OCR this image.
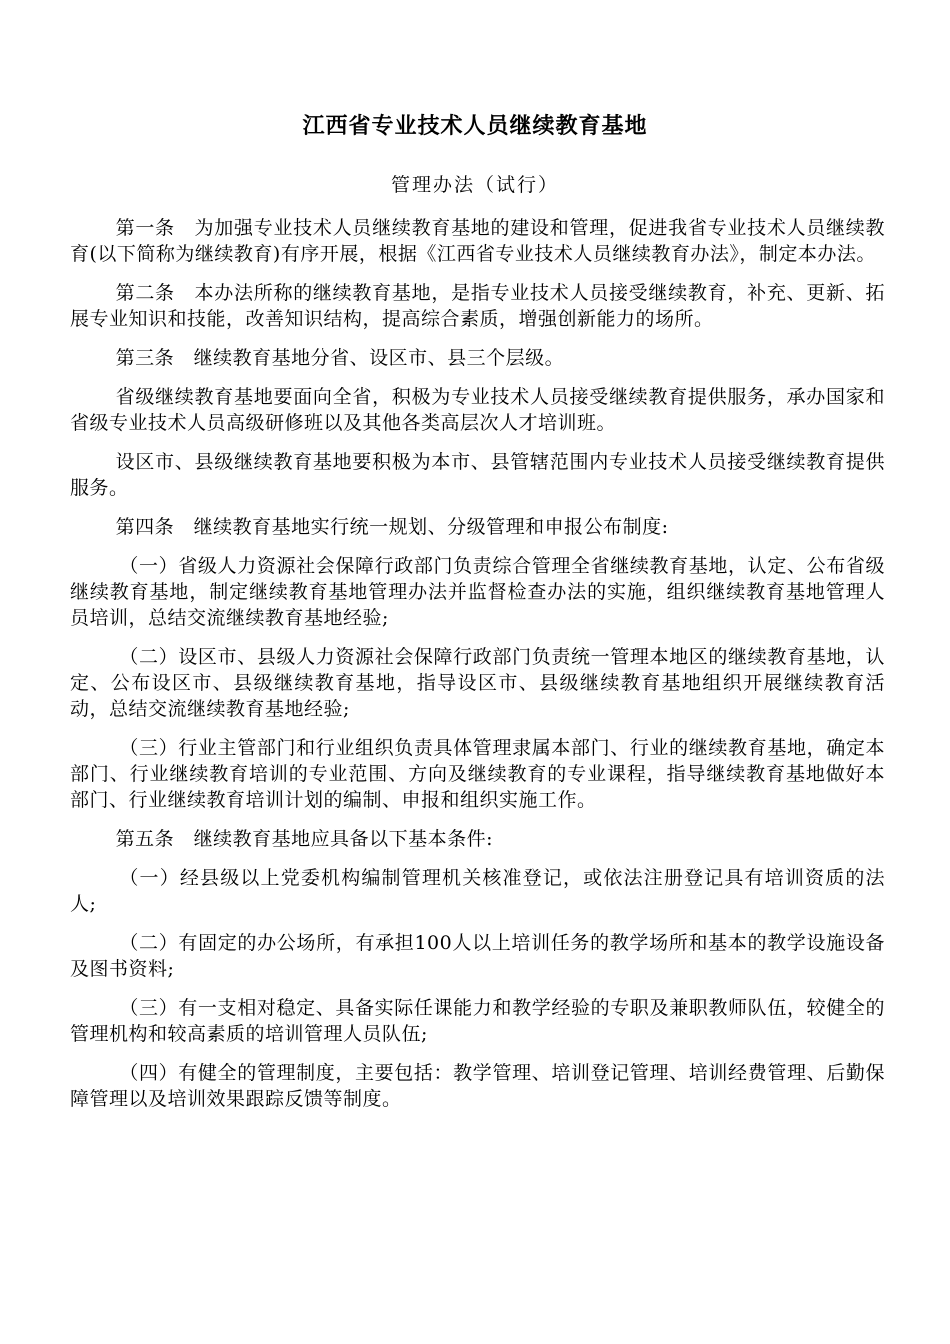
江西省专业技术人员继续教育基地
管理办法（试行）

第一条　为加强专业技术人员继续教育基地的建设和管理，促进我省专业技术人员继续教育(以下简称为继续教育)有序开展，根据《江西省专业技术人员继续教育办法》，制定本办法。

第二条　本办法所称的继续教育基地，是指专业技术人员接受继续教育，补充、更新、拓展专业知识和技能，改善知识结构，提高综合素质，增强创新能力的场所。

第三条　继续教育基地分省、设区市、县三个层级。

省级继续教育基地要面向全省，积极为专业技术人员接受继续教育提供服务，承办国家和省级专业技术人员高级研修班以及其他各类高层次人才培训班。

设区市、县级继续教育基地要积极为本市、县管辖范围内专业技术人员接受继续教育提供服务。

第四条　继续教育基地实行统一规划、分级管理和申报公布制度:

（一）省级人力资源社会保障行政部门负责综合管理全省继续教育基地，认定、公布省级继续教育基地，制定继续教育基地管理办法并监督检查办法的实施，组织继续教育基地管理人员培训，总结交流继续教育基地经验;

（二）设区市、县级人力资源社会保障行政部门负责统一管理本地区的继续教育基地，认定、公布设区市、县级继续教育基地，指导设区市、县级继续教育基地组织开展继续教育活动，总结交流继续教育基地经验;

（三）行业主管部门和行业组织负责具体管理隶属本部门、行业的继续教育基地，确定本部门、行业继续教育培训的专业范围、方向及继续教育的专业课程，指导继续教育基地做好本部门、行业继续教育培训计划的编制、申报和组织实施工作。

第五条　继续教育基地应具备以下基本条件:

（一）经县级以上党委机构编制管理机关核准登记，或依法注册登记具有培训资质的法人;

（二）有固定的办公场所，有承担100人以上培训任务的教学场所和基本的教学设施设备及图书资料;

（三）有一支相对稳定、具备实际任课能力和教学经验的专职及兼职教师队伍，较健全的管理机构和较高素质的培训管理人员队伍;

（四）有健全的管理制度，主要包括：教学管理、培训登记管理、培训经费管理、后勤保障管理以及培训效果跟踪反馈等制度。
